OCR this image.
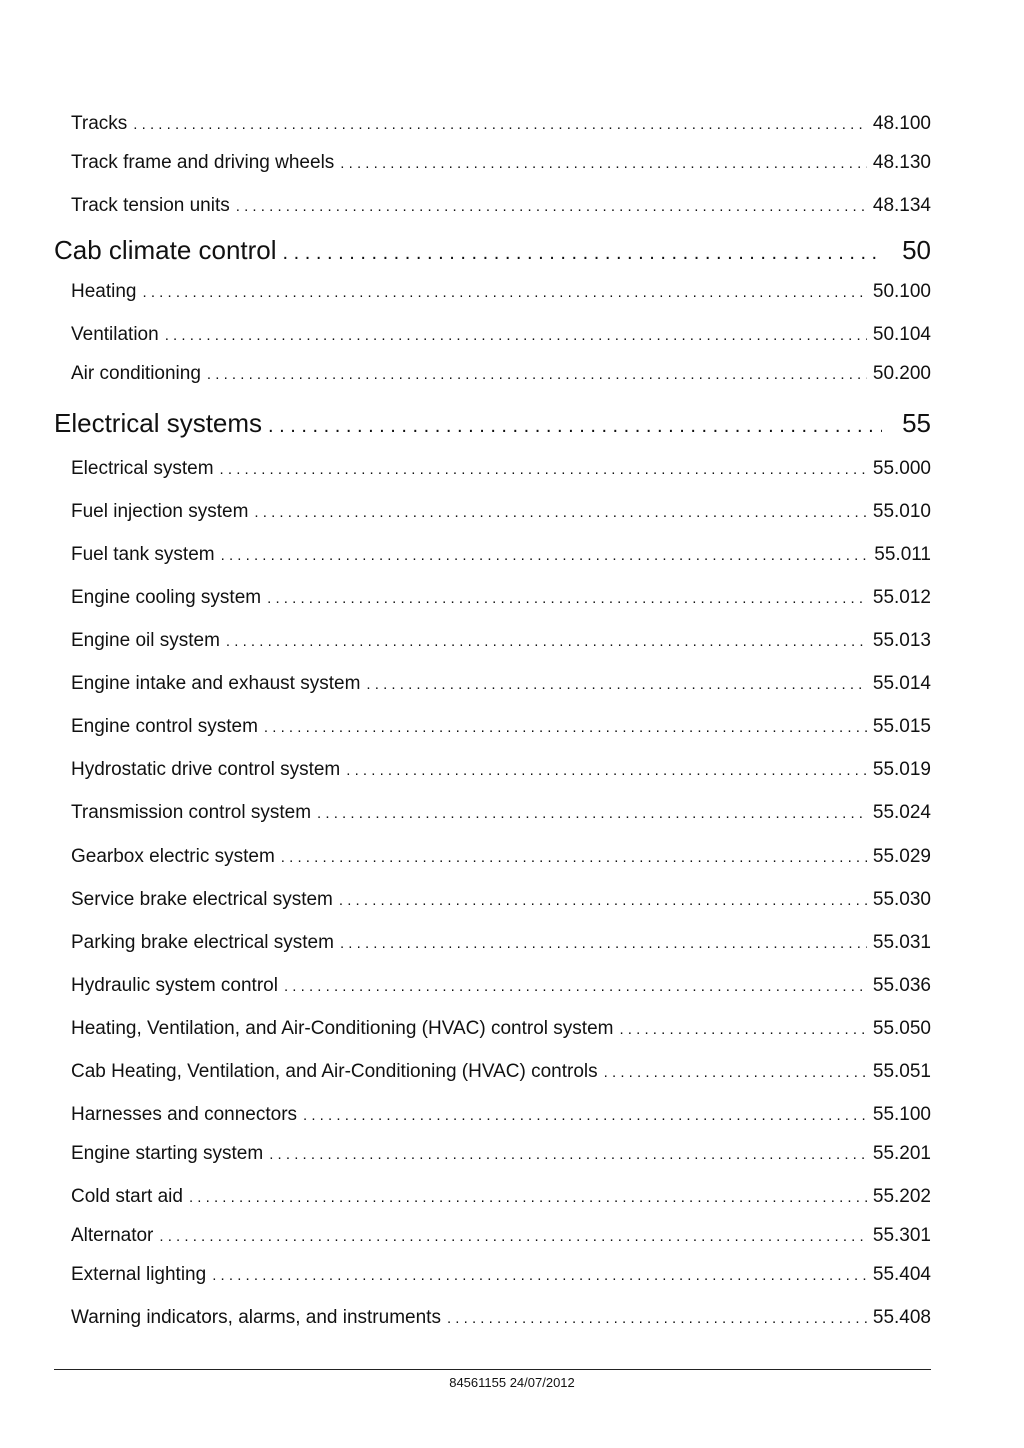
Tracks . . .	48.100
Track frame and driving wheels . . .	48.130
Track tension units . . .	48.134
Cab climate control . . .	50
Heating . . .	50.100
Ventilation . . .	50.104
Air conditioning . . .	50.200
Electrical systems . . .	55
Electrical system . . .	55.000
Fuel injection system . . .	55.010
Fuel tank system . . .	55.011
Engine cooling system . . .	55.012
Engine oil system . . .	55.013
Engine intake and exhaust system . . .	55.014
Engine control system . . .	55.015
Hydrostatic drive control system . . .	55.019
Transmission control system . . .	55.024
Gearbox electric system . . .	55.029
Service brake electrical system . . .	55.030
Parking brake electrical system . . .	55.031
Hydraulic system control . . .	55.036
Heating, Ventilation, and Air-Conditioning (HVAC) control system . . .	55.050
Cab Heating, Ventilation, and Air-Conditioning (HVAC) controls . . .	55.051
Harnesses and connectors . . .	55.100
Engine starting system . . .	55.201
Cold start aid . . .	55.202
Alternator . . .	55.301
External lighting . . .	55.404
Warning indicators, alarms, and instruments . . .	55.408
84561155 24/07/2012
